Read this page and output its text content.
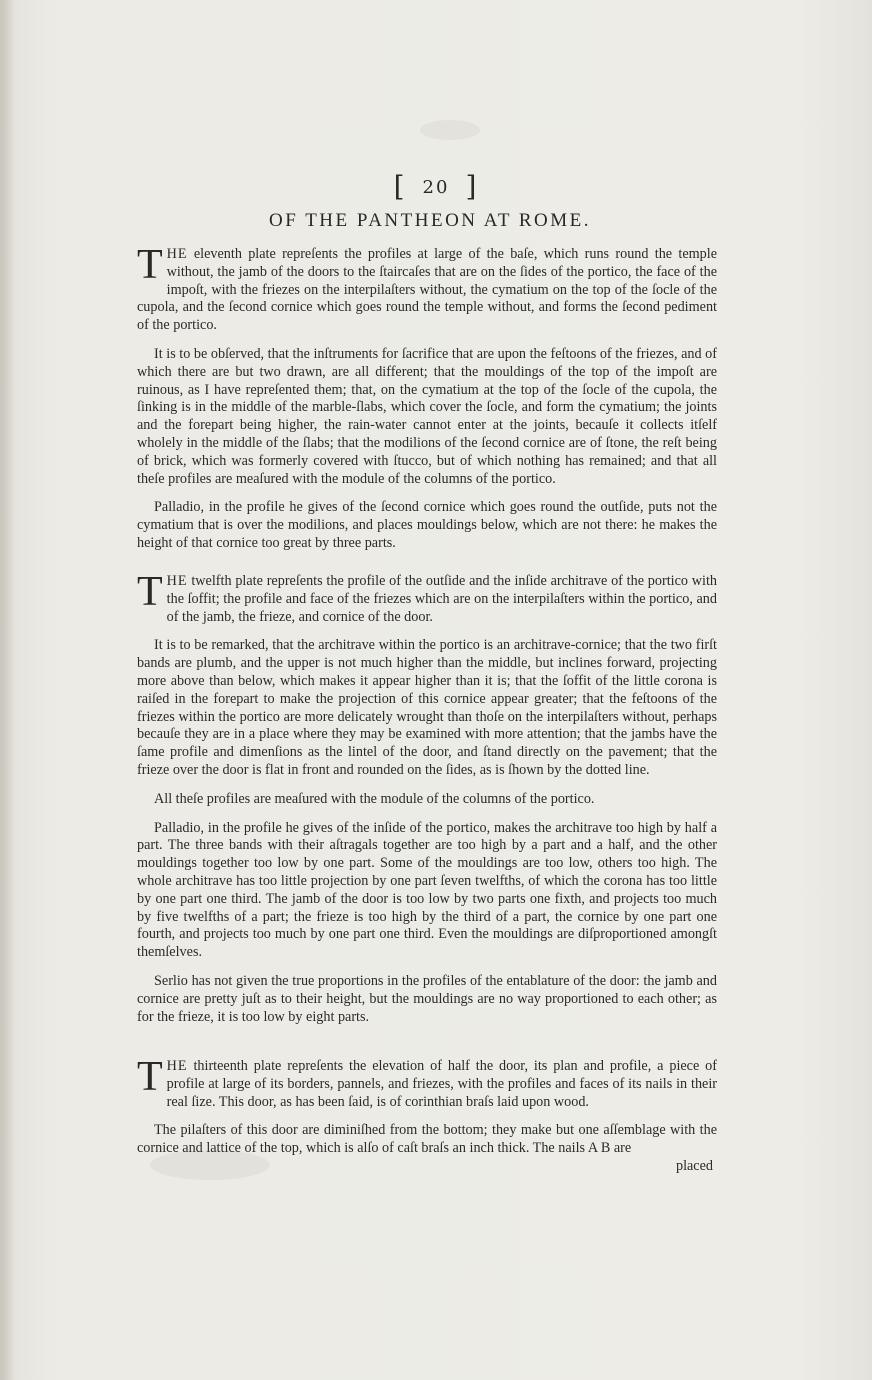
[ 20 ]
OF THE PANTHEON AT ROME.

THE eleventh plate repreſents the profiles at large of the baſe, which runs round the temple without, the jamb of the doors to the ſtaircaſes that are on the ſides of the portico, the face of the impoſt, with the friezes on the interpilaſters without, the cymatium on the top of the ſocle of the cupola, and the ſecond cornice which goes round the temple without, and forms the ſecond pediment of the portico.

It is to be obſerved, that the inſtruments for ſacrifice that are upon the feſtoons of the friezes, and of which there are but two drawn, are all different; that the mouldings of the top of the impoſt are ruinous, as I have repreſented them; that, on the cymatium at the top of the ſocle of the cupola, the ſinking is in the middle of the marble-ſlabs, which cover the ſocle, and form the cymatium; the joints and the forepart being higher, the rain-water cannot enter at the joints, becauſe it collects itſelf wholely in the middle of the ſlabs; that the modilions of the ſecond cornice are of ſtone, the reſt being of brick, which was formerly covered with ſtucco, but of which nothing has remained; and that all theſe profiles are meaſured with the module of the columns of the portico.

Palladio, in the profile he gives of the ſecond cornice which goes round the outſide, puts not the cymatium that is over the modilions, and places mouldings below, which are not there: he makes the height of that cornice too great by three parts.

THE twelfth plate repreſents the profile of the outſide and the inſide architrave of the portico with the ſoffit; the profile and face of the friezes which are on the interpilaſters within the portico, and of the jamb, the frieze, and cornice of the door.

It is to be remarked, that the architrave within the portico is an architrave-cornice; that the two firſt bands are plumb, and the upper is not much higher than the middle, but inclines forward, projecting more above than below, which makes it appear higher than it is; that the ſoffit of the little corona is raiſed in the forepart to make the projection of this cornice appear greater; that the feſtoons of the friezes within the portico are more delicately wrought than thoſe on the interpilaſters without, perhaps becauſe they are in a place where they may be examined with more attention; that the jambs have the ſame profile and dimenſions as the lintel of the door, and ſtand directly on the pavement; that the frieze over the door is flat in front and rounded on the ſides, as is ſhown by the dotted line.

All theſe profiles are meaſured with the module of the columns of the portico.

Palladio, in the profile he gives of the inſide of the portico, makes the architrave too high by half a part. The three bands with their aſtragals together are too high by a part and a half, and the other mouldings together too low by one part. Some of the mouldings are too low, others too high. The whole architrave has too little projection by one part ſeven twelfths, of which the corona has too little by one part one third. The jamb of the door is too low by two parts one fixth, and projects too much by five twelfths of a part; the frieze is too high by the third of a part, the cornice by one part one fourth, and projects too much by one part one third. Even the mouldings are diſproportioned amongſt themſelves.

Serlio has not given the true proportions in the profiles of the entablature of the door: the jamb and cornice are pretty juſt as to their height, but the mouldings are no way proportioned to each other; as for the frieze, it is too low by eight parts.

THE thirteenth plate repreſents the elevation of half the door, its plan and profile, a piece of profile at large of its borders, pannels, and friezes, with the profiles and faces of its nails in their real ſize. This door, as has been ſaid, is of corinthian braſs laid upon wood.

The pilaſters of this door are diminiſhed from the bottom; they make but one aſſemblage with the cornice and lattice of the top, which is alſo of caſt braſs an inch thick. The nails A B are

placed
